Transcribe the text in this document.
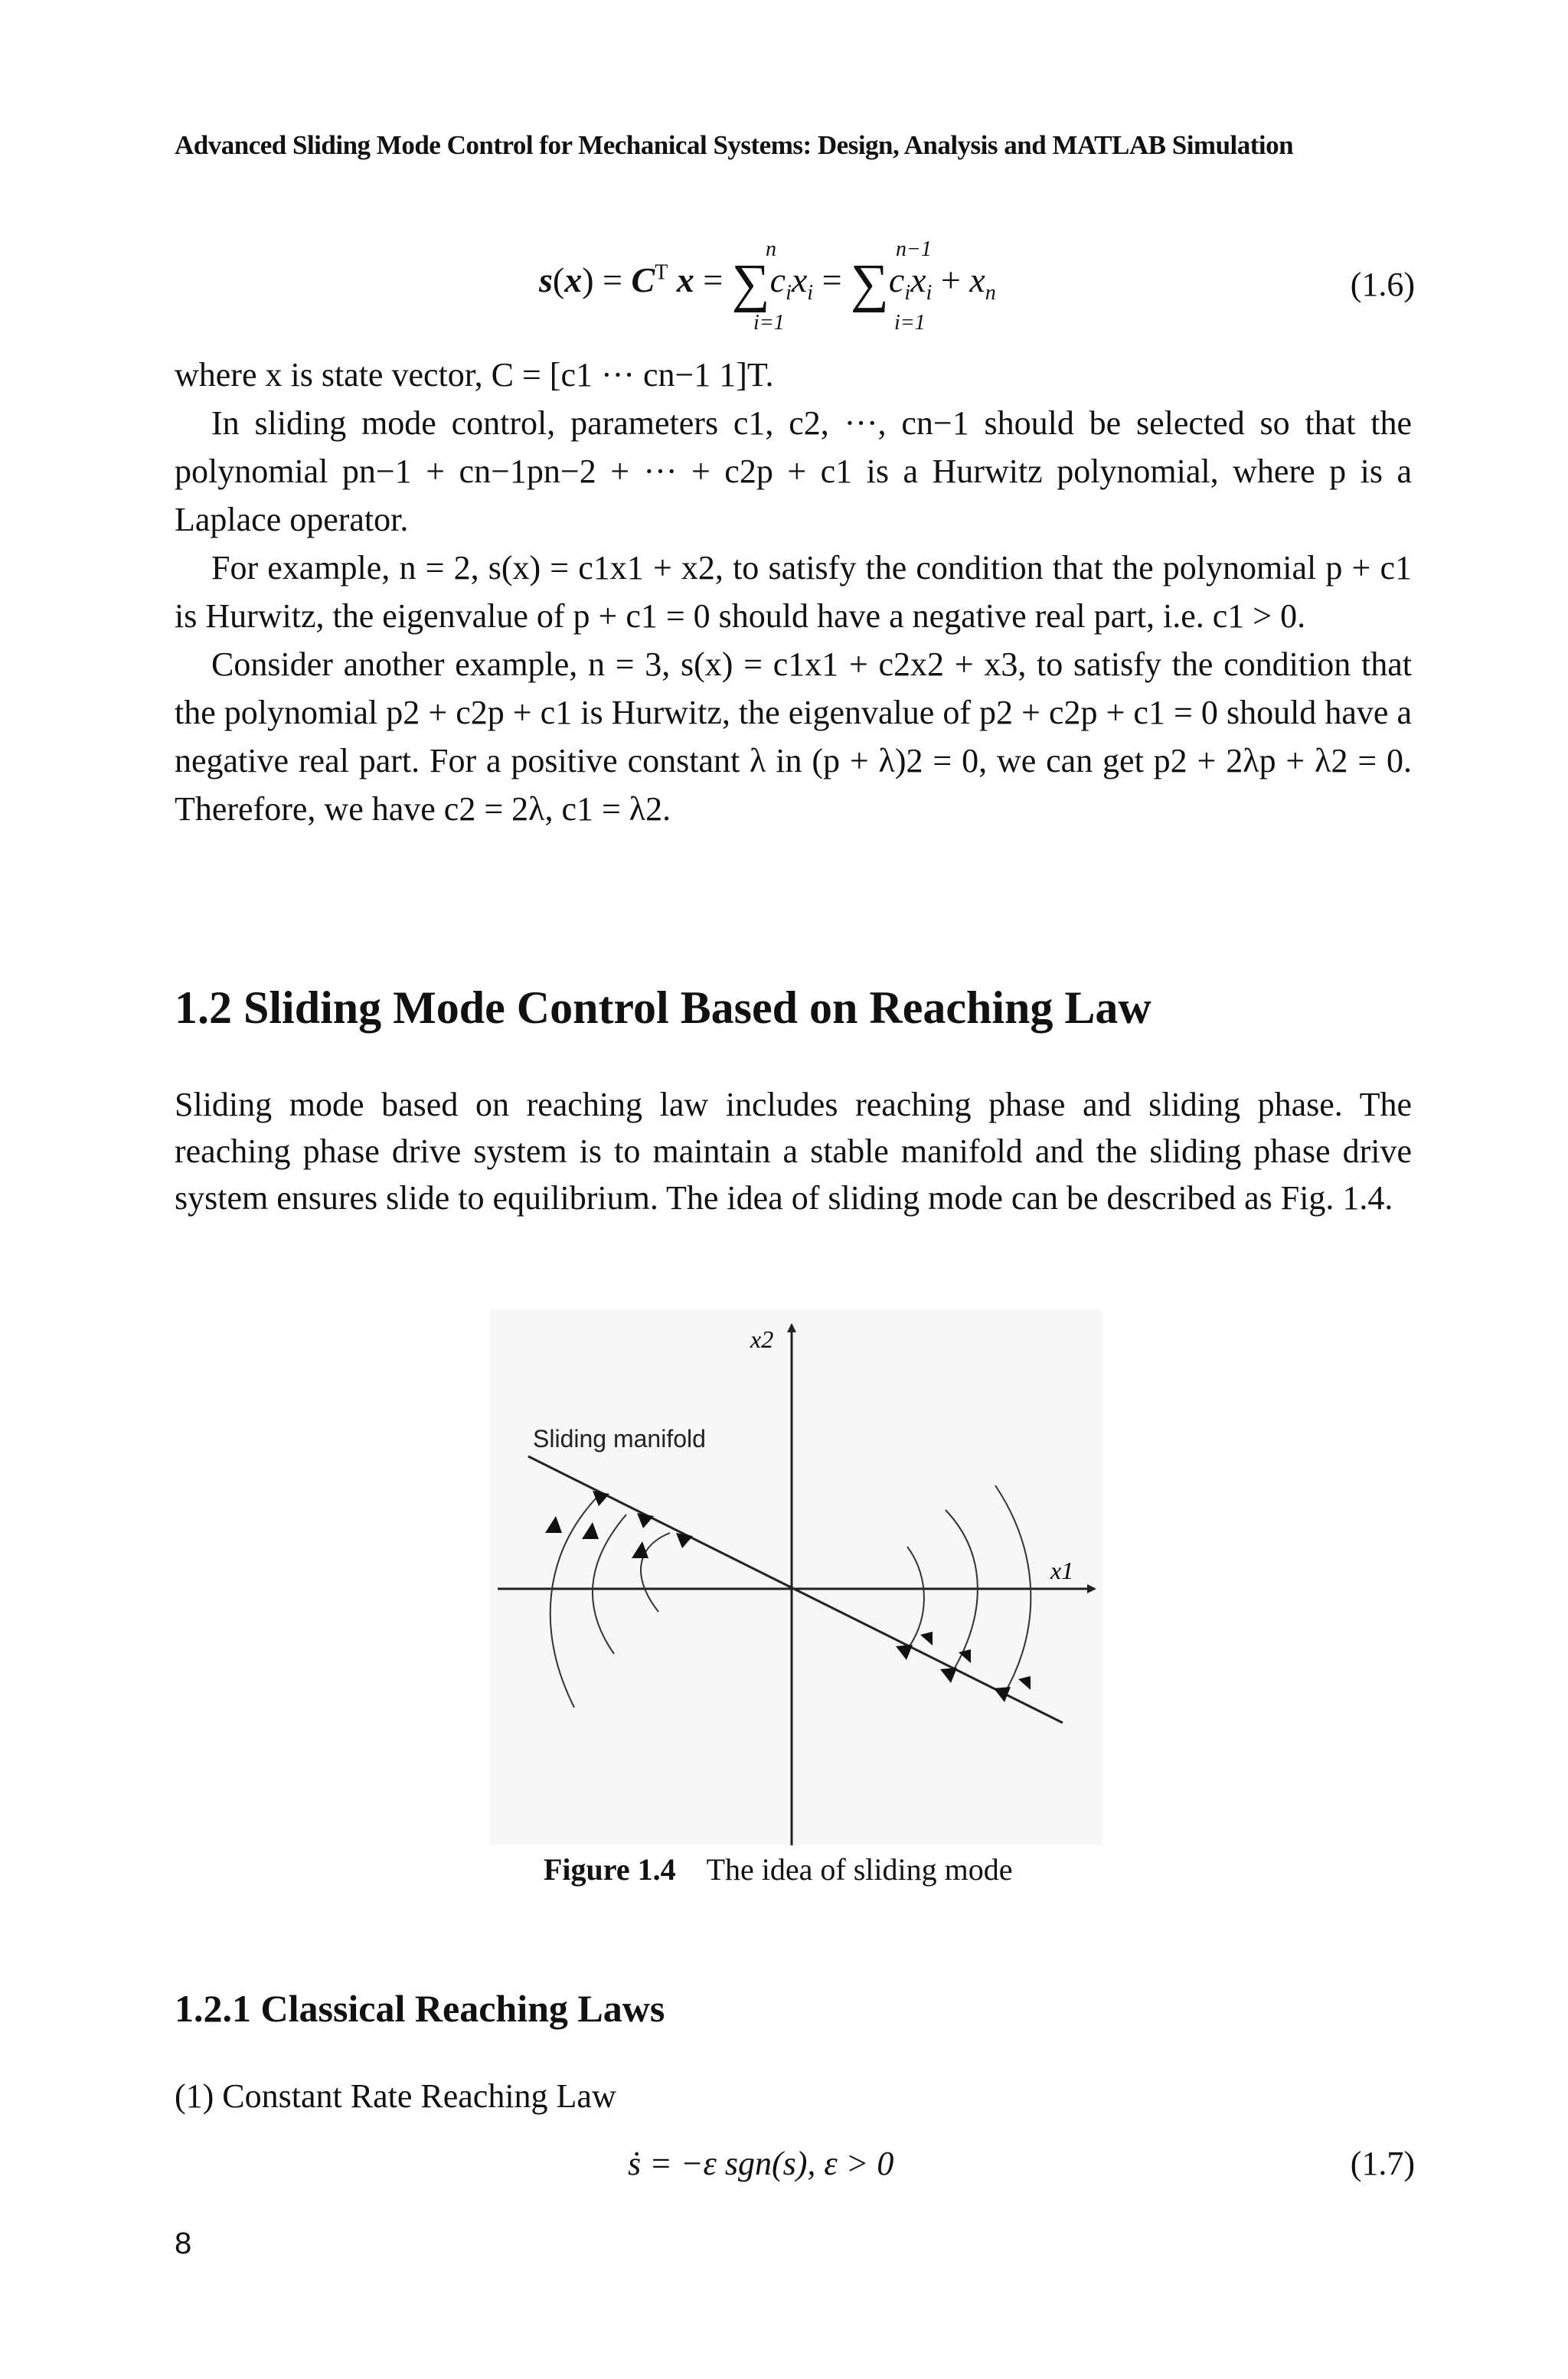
Advanced Sliding Mode Control for Mechanical Systems: Design, Analysis and MATLAB Simulation
n	n−1
i=1	i=1
$s(x) = C^T$ $x = \sum c_ix_i = \sum c_ix_i + x_n$	(1.6)

where x is state vector, C = [c1 ··· cn−1 1]T.

In sliding mode control, parameters c1, c2, ···, cn−1 should be selected so that the polynomial pn−1 + cn−1pn−2 + ··· + c2p + c1 is a Hurwitz polynomial, where p is a Laplace operator.

For example, n = 2, s(x) = c1x1 + x2, to satisfy the condition that the polynomial p + c1 is Hurwitz, the eigenvalue of p + c1 = 0 should have a negative real part, i.e. c1 > 0.

Consider another example, n = 3, s(x) = c1x1 + c2x2 + x3, to satisfy the condition that the polynomial p2 + c2p + c1 is Hurwitz, the eigenvalue of p2 + c2p + c1 = 0 should have a negative real part. For a positive constant λ in (p + λ)2 = 0, we can get p2 + 2λp + λ2 = 0. Therefore, we have c2 = 2λ, c1 = λ2.

1.2 Sliding Mode Control Based on Reaching Law
Sliding mode based on reaching law includes reaching phase and sliding phase. The reaching phase drive system is to maintain a stable manifold and the sliding phase drive system ensures slide to equilibrium. The idea of sliding mode can be described as Fig. 1.4.
x2
x1
Sliding manifold
Figure 1.4 The idea of sliding mode
1.2.1 Classical Reaching Laws
(1) Constant Rate Reaching Law
ṡ = −ε sgn(s), ε > 0	(1.7)
8
